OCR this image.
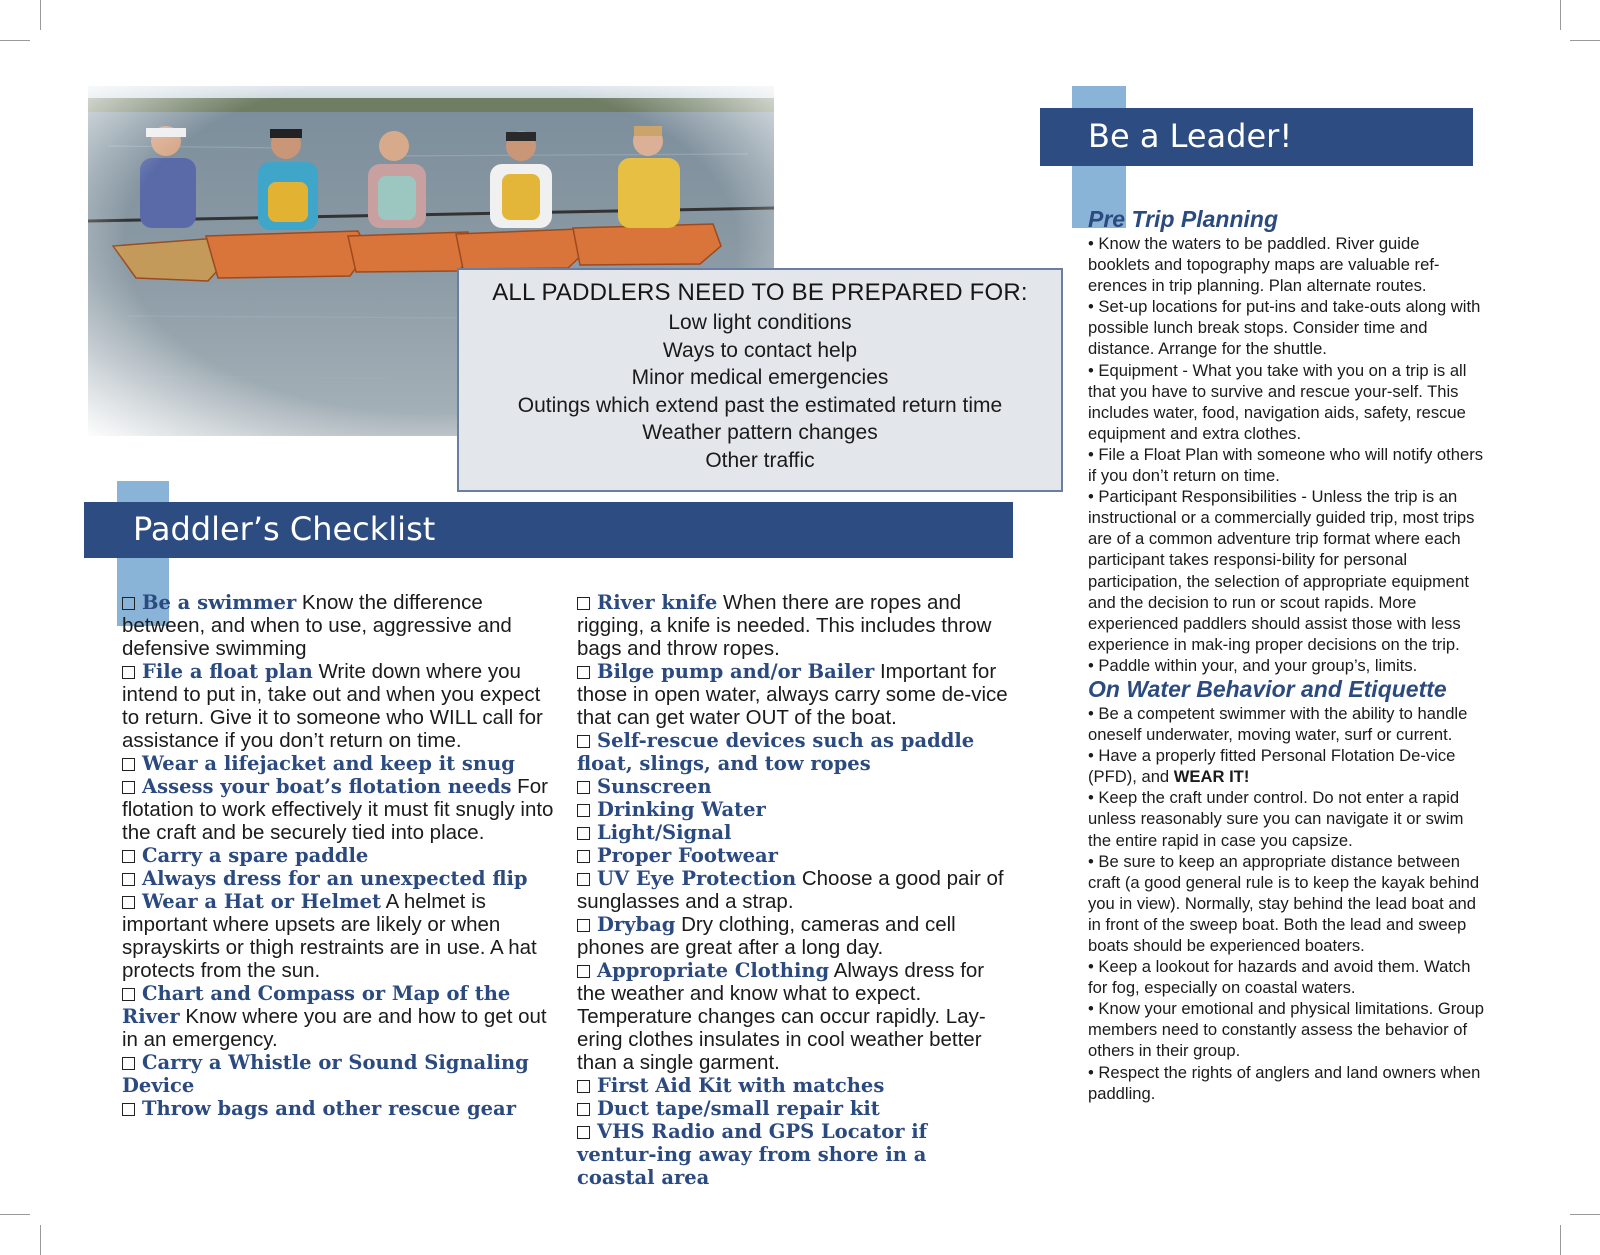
ALL PADDLERS NEED TO BE PREPARED FOR:
Low light conditions
Ways to contact help
Minor medical emergencies
Outings which extend past the estimated return time
Weather pattern changes
Other traffic
Paddler’s Checklist
Be a Leader!

Be a swimmer Know the difference between, and when to use, aggressive and defensive swimming

File a float plan Write down where you intend to put in, take out and when you expect to return. Give it to someone who WILL call for assistance if you don’t return on time.

Wear a lifejacket and keep it snug

Assess your boat’s flotation needs For flotation to work effectively it must fit snugly into the craft and be securely tied into place.

Carry a spare paddle

Always dress for an unexpected flip

Wear a Hat or Helmet A helmet is important where upsets are likely or when sprayskirts or thigh restraints are in use. A hat protects from the sun.

Chart and Compass or Map of the River Know where you are and how to get out in an emergency.

Carry a Whistle or Sound Signaling Device

Throw bags and other rescue gear

River knife When there are ropes and rigging, a knife is needed. This includes throw bags and throw ropes.

Bilge pump and/or Bailer Important for those in open water, always carry some de-vice that can get water OUT of the boat.

Self-rescue devices such as paddle float, slings, and tow ropes

Sunscreen

Drinking Water

Light/Signal

Proper Footwear

UV Eye Protection Choose a good pair of sunglasses and a strap.

Drybag Dry clothing, cameras and cell phones are great after a long day.

Appropriate Clothing Always dress for the weather and know what to expect. Temperature changes can occur rapidly. Lay-ering clothes insulates in cool weather better than a single garment.

First Aid Kit with matches

Duct tape/small repair kit

VHS Radio and GPS Locator if ventur-ing away from shore in a coastal area

Pre Trip Planning

• Know the waters to be paddled. River guide booklets and topography maps are valuable ref-erences in trip planning. Plan alternate routes.

• Set-up locations for put-ins and take-outs along with possible lunch break stops. Consider time and distance. Arrange for the shuttle.

• Equipment - What you take with you on a trip is all that you have to survive and rescue your-self. This includes water, food, navigation aids, safety, rescue equipment and extra clothes.

• File a Float Plan with someone who will notify others if you don’t return on time.

• Participant Responsibilities - Unless the trip is an instructional or a commercially guided trip, most trips are of a common adventure trip format where each participant takes responsi-bility for personal participation, the selection of appropriate equipment and the decision to run or scout rapids. More experienced paddlers should assist those with less experience in mak-ing proper decisions on the trip.

• Paddle within your, and your group’s, limits.

On Water Behavior and Etiquette

• Be a competent swimmer with the ability to handle oneself underwater, moving water, surf or current.

• Have a properly fitted Personal Flotation De-vice (PFD), and WEAR IT!

• Keep the craft under control. Do not enter a rapid unless reasonably sure you can navigate it or swim the entire rapid in case you capsize.

• Be sure to keep an appropriate distance between craft (a good general rule is to keep the kayak behind you in view). Normally, stay behind the lead boat and in front of the sweep boat. Both the lead and sweep boats should be experienced boaters.

• Keep a lookout for hazards and avoid them. Watch for fog, especially on coastal waters.

• Know your emotional and physical limitations. Group members need to constantly assess the behavior of others in their group.

• Respect the rights of anglers and land owners when paddling.
